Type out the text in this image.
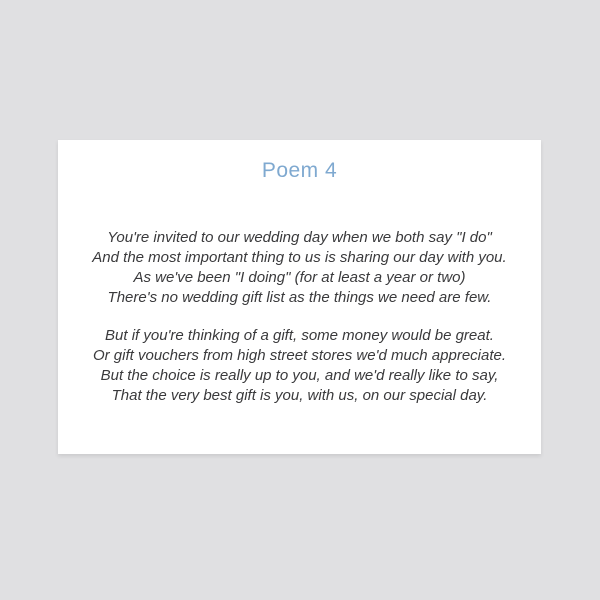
Poem 4
You're invited to our wedding day when we both say "I do"
And the most important thing to us is sharing our day with you.
As we've been "I doing" (for at least a year or two)
There's no wedding gift list as the things we need are few.
But if you're thinking of a gift, some money would be great.
Or gift vouchers from high street stores we'd much appreciate.
But the choice is really up to you, and we'd really like to say,
That the very best gift is you, with us, on our special day.
